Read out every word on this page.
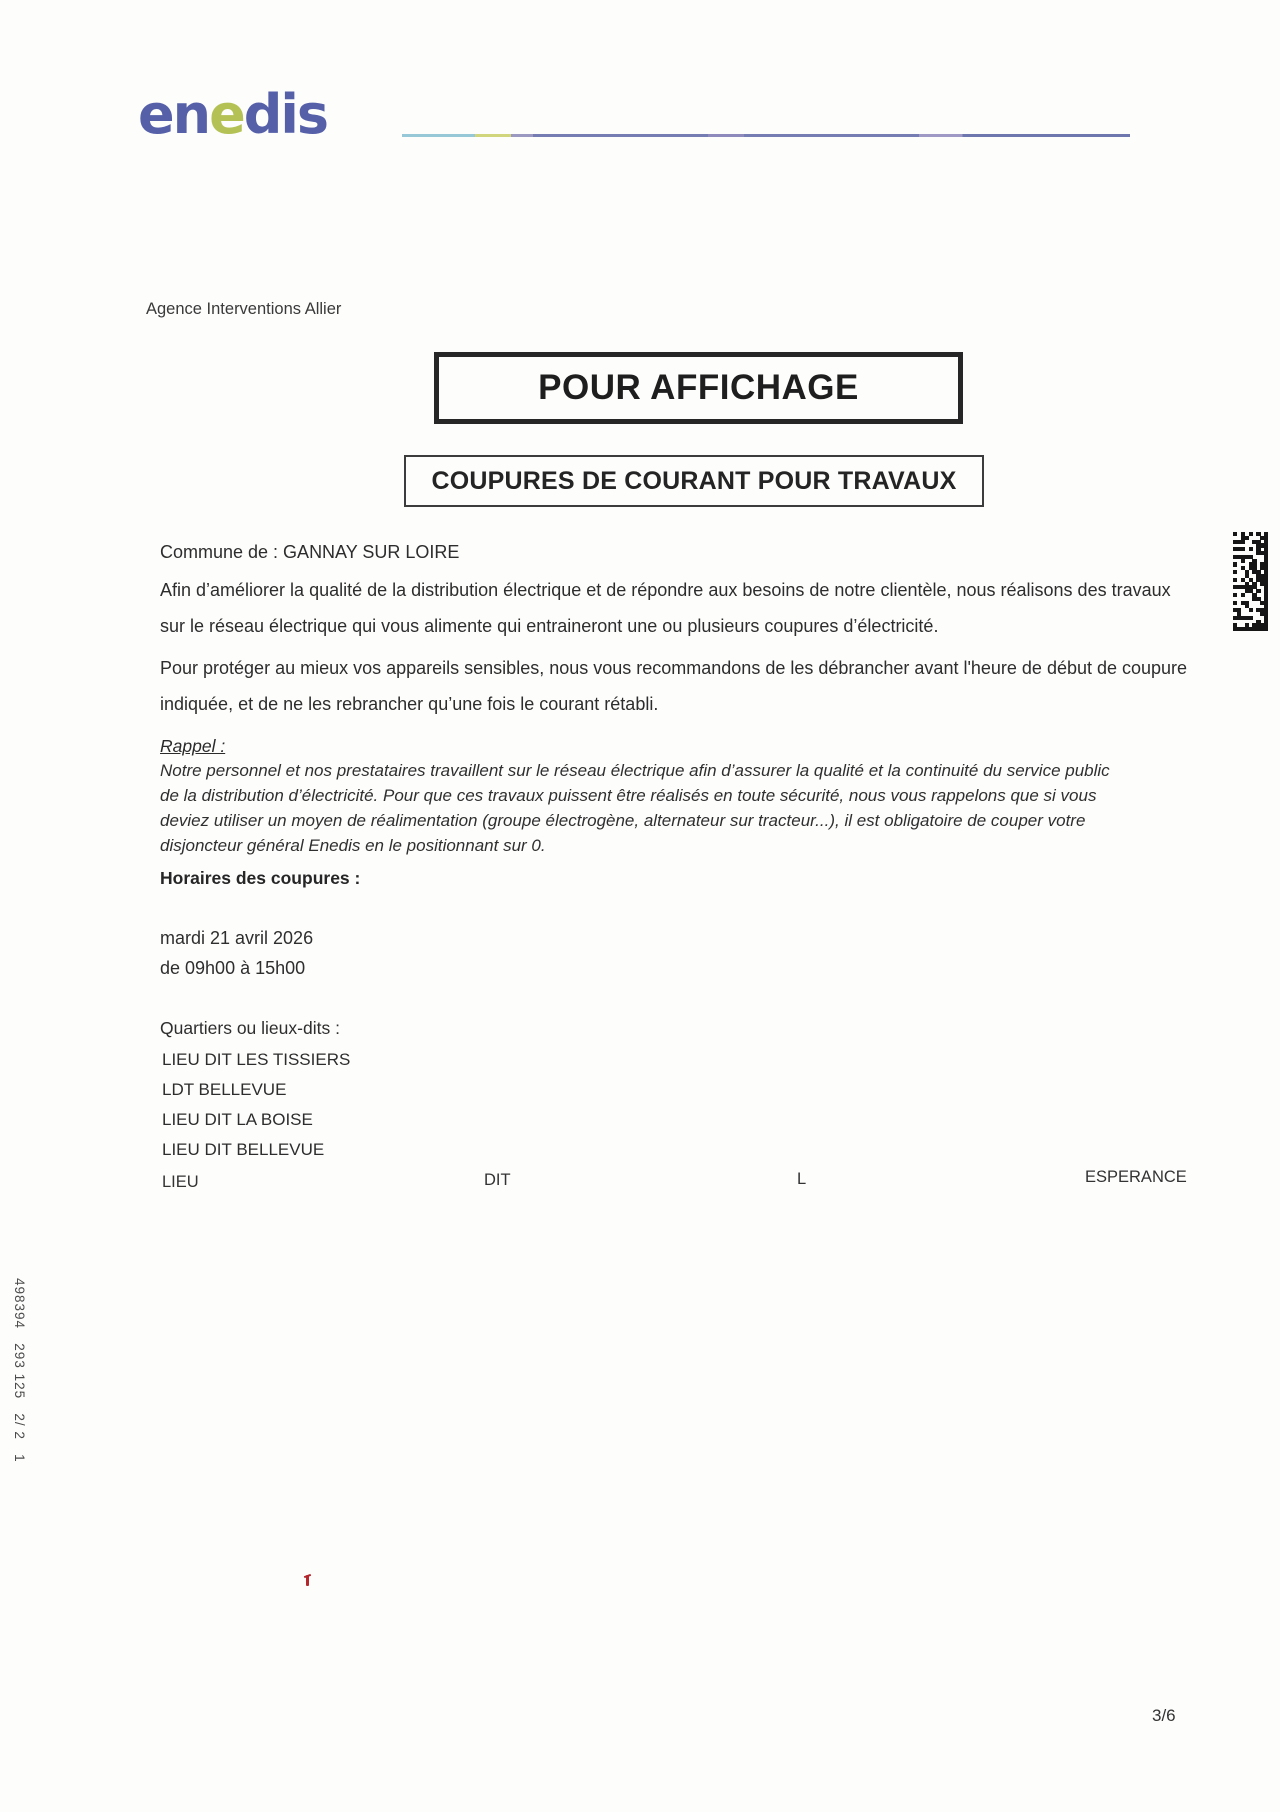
enedis
Agence Interventions Allier
POUR AFFICHAGE
COUPURES DE COURANT POUR TRAVAUX
Commune de : GANNAY SUR LOIRE
Afin d’améliorer la qualité de la distribution électrique et de répondre aux besoins de notre clientèle, nous réalisons des travaux
sur le réseau électrique qui vous alimente qui entraineront une ou plusieurs coupures d’électricité.
Pour protéger au mieux vos appareils sensibles, nous vous recommandons de les débrancher avant l'heure de début de coupure
indiquée, et de ne les rebrancher qu’une fois le courant rétabli.
Rappel :
Notre personnel et nos prestataires travaillent sur le réseau électrique afin d’assurer la qualité et la continuité du service public
de la distribution d’électricité. Pour que ces travaux puissent être réalisés en toute sécurité, nous vous rappelons que si vous
deviez utiliser un moyen de réalimentation (groupe électrogène, alternateur sur tracteur...), il est obligatoire de couper votre
disjoncteur général Enedis en le positionnant sur 0.
Horaires des coupures :
mardi 21 avril 2026
de 09h00 à 15h00
Quartiers ou lieux-dits :
LIEU DIT LES TISSIERS
LDT BELLEVUE
LIEU DIT LA BOISE
LIEU DIT BELLEVUE
LIEU	DIT	L	ESPERANCE
498394   293 125   2/ 2   1
3/6
